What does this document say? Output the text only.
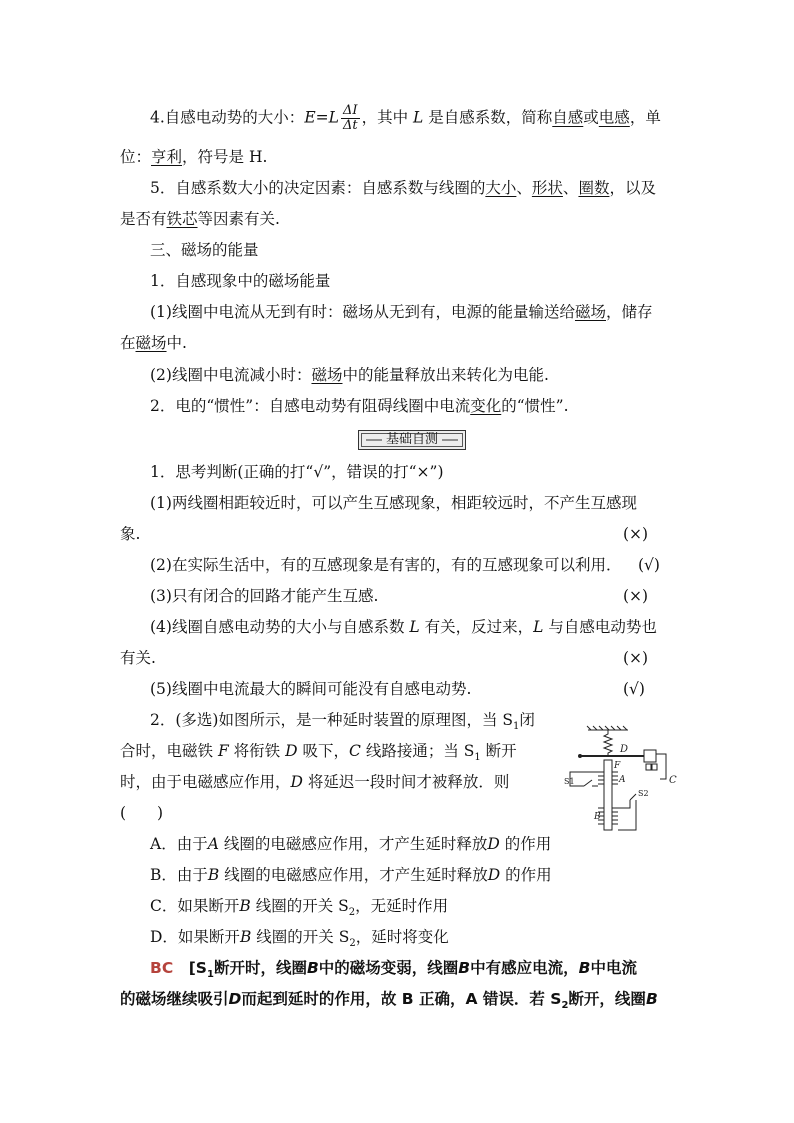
4.自感电动势的大小：$E=L \frac{\Delta I}{\Delta t}$ ，其中 L 是自感系数，简称自感或电感，单
位：亨利，符号是 H.
5．自感系数大小的决定因素：自感系数与线圈的大小、形状、圈数，以及
是否有铁芯等因素有关.
三、磁场的能量
1．自感现象中的磁场能量
(1)线圈中电流从无到有时：磁场从无到有，电源的能量输送给磁场，储存
在磁场中.
(2)线圈中电流减小时：磁场中的能量释放出来转化为电能.
2．电的“惯性”：自感电动势有阻碍线圈中电流变化的“惯性”.
基础自测
1．思考判断(正确的打“√”，错误的打“×”)
(1)两线圈相距较近时，可以产生互感现象，相距较远时，不产生互感现
象.	(×)
(2)在实际生活中，有的互感现象是有害的，有的互感现象可以利用． (√)
(3)只有闭合的回路才能产生互感.	(×)
(4)线圈自感电动势的大小与自感系数 L 有关，反过来，L 与自感电动势也
有关.	(×)
(5)线圈中电流最大的瞬间可能没有自感电动势.	(√)
2．(多选)如图所示，是一种延时装置的原理图，当 $S_1$闭
合时，电磁铁 F 将衔铁 D 吸下，C 线路接通；当 $S_1$ 断开
时，由于电磁感应作用，D 将延迟一段时间才被释放．则
(　　)
D
C
F
A
B
S1
S2
A．由于A 线圈的电磁感应作用，才产生延时释放D 的作用
B．由于B 线圈的电磁感应作用，才产生延时释放D 的作用
C．如果断开B 线圈的开关 $S_2$，无延时作用
D．如果断开B 线圈的开关 $S_2$，延时将变化
BC　 [$S_1$断开时，线圈B中的磁场变弱，线圈B中有感应电流，B中电流
的磁场继续吸引D而起到延时的作用，故 B 正确，A 错误．若 $S_2$断开，线圈B
